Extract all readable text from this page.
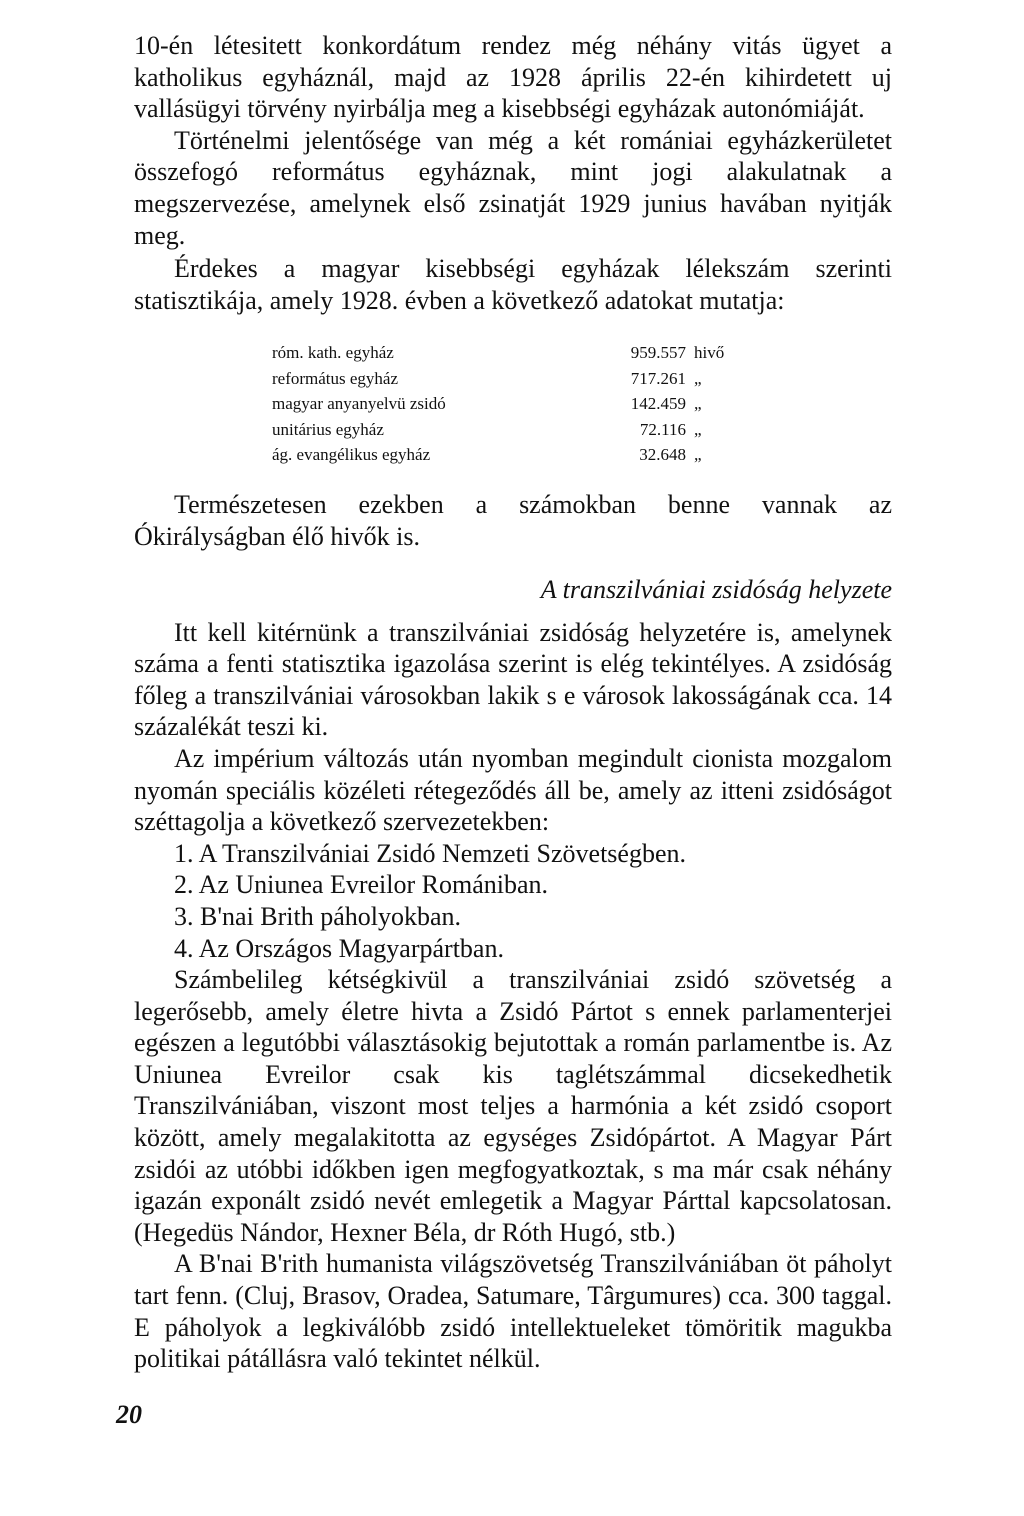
10-én létesitett konkordátum rendez még néhány vitás ügyet a katholikus egyháznál, majd az 1928 április 22-én kihirdetett uj vallásügyi törvény nyirbálja meg a kisebbségi egyházak autonómiáját.

Történelmi jelentősége van még a két romániai egyházkerületet összefogó református egyháznak, mint jogi alakulatnak a megszervezése, amelynek első zsinatját 1929 junius havában nyitják meg.

Érdekes a magyar kisebbségi egyházak lélekszám szerinti statisztikája, amely 1928. évben a következő adatokat mutatja:

róm. kath. egyház	959.557 hivő
református egyház	717.261 „
magyar anyanyelvü zsidó	142.459 „
unitárius egyház	72.116 „
ág. evangélikus egyház	32.648 „

Természetesen ezekben a számokban benne vannak az Ókirályságban élő hivők is.

A transzilvániai zsidóság helyzete

Itt kell kitérnünk a transzilvániai zsidóság helyzetére is, amelynek száma a fenti statisztika igazolása szerint is elég tekintélyes. A zsidóság főleg a transzilvániai városokban lakik s e városok lakosságának cca. 14 százalékát teszi ki.

Az impérium változás után nyomban megindult cionista mozgalom nyomán speciális közéleti rétegeződés áll be, amely az itteni zsidóságot széttagolja a következő szervezetekben:

1. A Transzilvániai Zsidó Nemzeti Szövetségben.
2. Az Uniunea Evreilor Romániban.
3. B'nai Brith páholyokban.
4. Az Országos Magyarpártban.

Számbelileg kétségkivül a transzilvániai zsidó szövetség a legerősebb, amely életre hivta a Zsidó Pártot s ennek parlamenterjei egészen a legutóbbi választásokig bejutottak a román parlamentbe is. Az Uniunea Evreilor csak kis taglétszámmal dicsekedhetik Transzilvániában, viszont most teljes a harmónia a két zsidó csoport között, amely megalakitotta az egységes Zsidópártot. A Magyar Párt zsidói az utóbbi időkben igen megfogyatkoztak, s ma már csak néhány igazán exponált zsidó nevét emlegetik a Magyar Párttal kapcsolatosan. (Hegedüs Nándor, Hexner Béla, dr Róth Hugó, stb.)

A B'nai B'rith humanista világszövetség Transzilvániában öt páholyt tart fenn. (Cluj, Brasov, Oradea, Satumare, Târgumures) cca. 300 taggal. E páholyok a legkiválóbb zsidó intellektueleket tömöritik magukba politikai pátállásra való tekintet nélkül.

20
